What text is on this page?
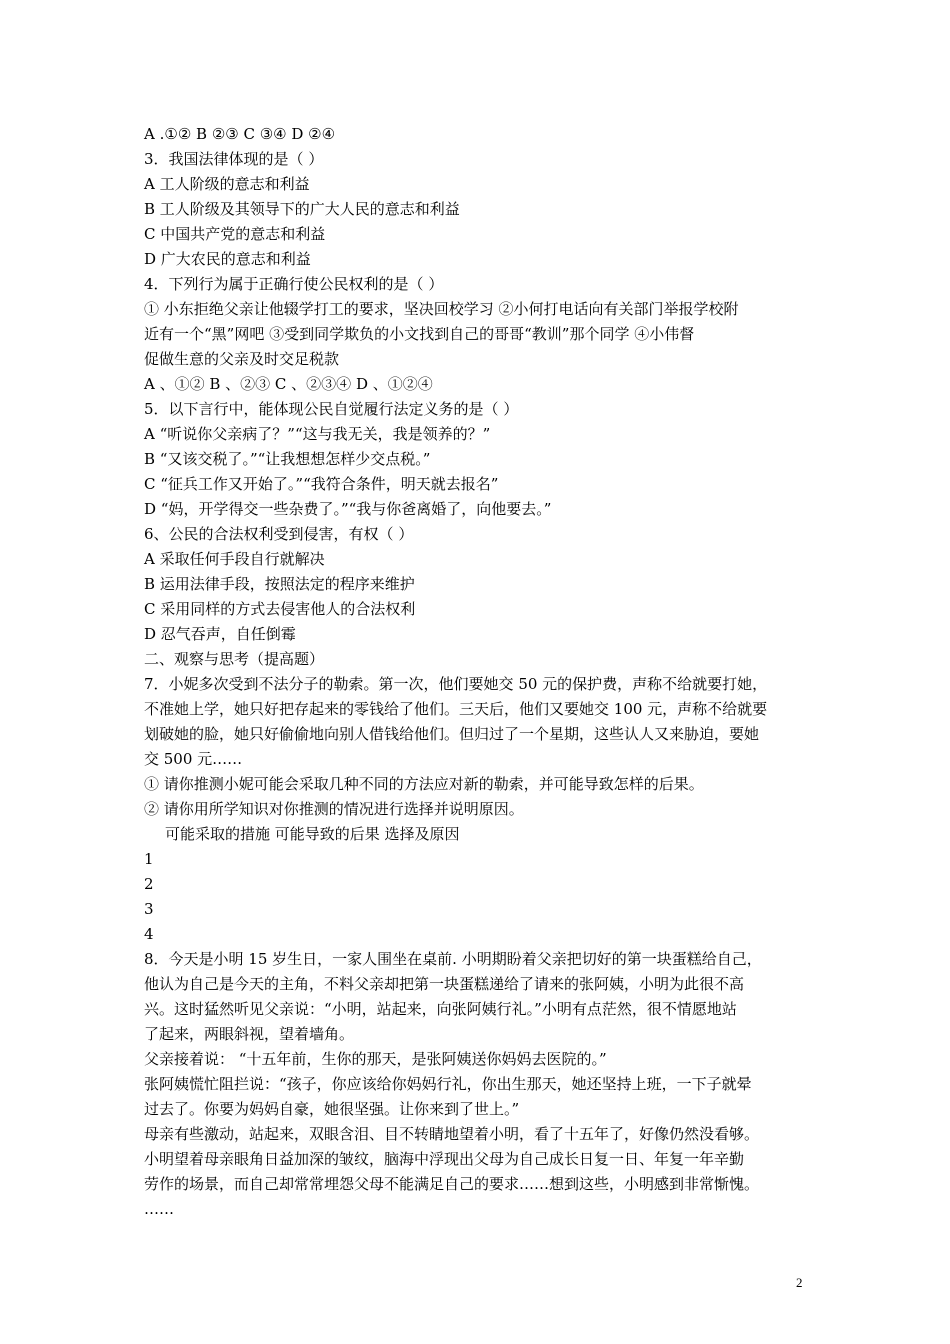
A .①② B ②③ C ③④ D ②④
3．我国法律体现的是（ ）
A 工人阶级的意志和利益
B 工人阶级及其领导下的广大人民的意志和利益
C 中国共产党的意志和利益
D 广大农民的意志和利益
4．下列行为属于正确行使公民权利的是（ ）
① 小东拒绝父亲让他辍学打工的要求，坚决回校学习 ②小何打电话向有关部门举报学校附
近有一个“黑”网吧 ③受到同学欺负的小文找到自己的哥哥“教训”那个同学 ④小伟督
促做生意的父亲及时交足税款
A 、①② B 、②③ C 、②③④ D 、①②④
5．以下言行中，能体现公民自觉履行法定义务的是（ ）
A “听说你父亲病了？”“这与我无关，我是领养的？”
B “又该交税了。”“让我想想怎样少交点税。”
C “征兵工作又开始了。”“我符合条件，明天就去报名”
D “妈，开学得交一些杂费了。”“我与你爸离婚了，向他要去。”
6、公民的合法权利受到侵害，有权（ ）
A 采取任何手段自行就解决
B 运用法律手段，按照法定的程序来维护
C 采用同样的方式去侵害他人的合法权利
D 忍气吞声，自任倒霉
二、观察与思考（提高题）
7．小妮多次受到不法分子的勒索。第一次，他们要她交 50 元的保护费，声称不给就要打她，
不准她上学，她只好把存起来的零钱给了他们。三天后，他们又要她交 100 元，声称不给就要
划破她的脸，她只好偷偷地向别人借钱给他们。但归过了一个星期，这些认人又来胁迫，要她
交 500 元……
① 请你推测小妮可能会采取几种不同的方法应对新的勒索，并可能导致怎样的后果。
② 请你用所学知识对你推测的情况进行选择并说明原因。
可能采取的措施 可能导致的后果 选择及原因
1
2
3
4
8．今天是小明 15 岁生日，一家人围坐在桌前. 小明期盼着父亲把切好的第一块蛋糕给自己，
他认为自己是今天的主角，不料父亲却把第一块蛋糕递给了请来的张阿姨，小明为此很不高
兴。这时猛然听见父亲说：“小明，站起来，向张阿姨行礼。”小明有点茫然，很不情愿地站
了起来，两眼斜视，望着墙角。
父亲接着说： “十五年前，生你的那天，是张阿姨送你妈妈去医院的。”
张阿姨慌忙阻拦说：“孩子，你应该给你妈妈行礼，你出生那天，她还坚持上班，一下子就晕
过去了。你要为妈妈自豪，她很坚强。让你来到了世上。”
母亲有些激动，站起来，双眼含泪、目不转睛地望着小明，看了十五年了，好像仍然没看够。
小明望着母亲眼角日益加深的皱纹，脑海中浮现出父母为自己成长日复一日、年复一年辛勤
劳作的场景，而自己却常常埋怨父母不能满足自己的要求……想到这些，小明感到非常惭愧。
……
2
